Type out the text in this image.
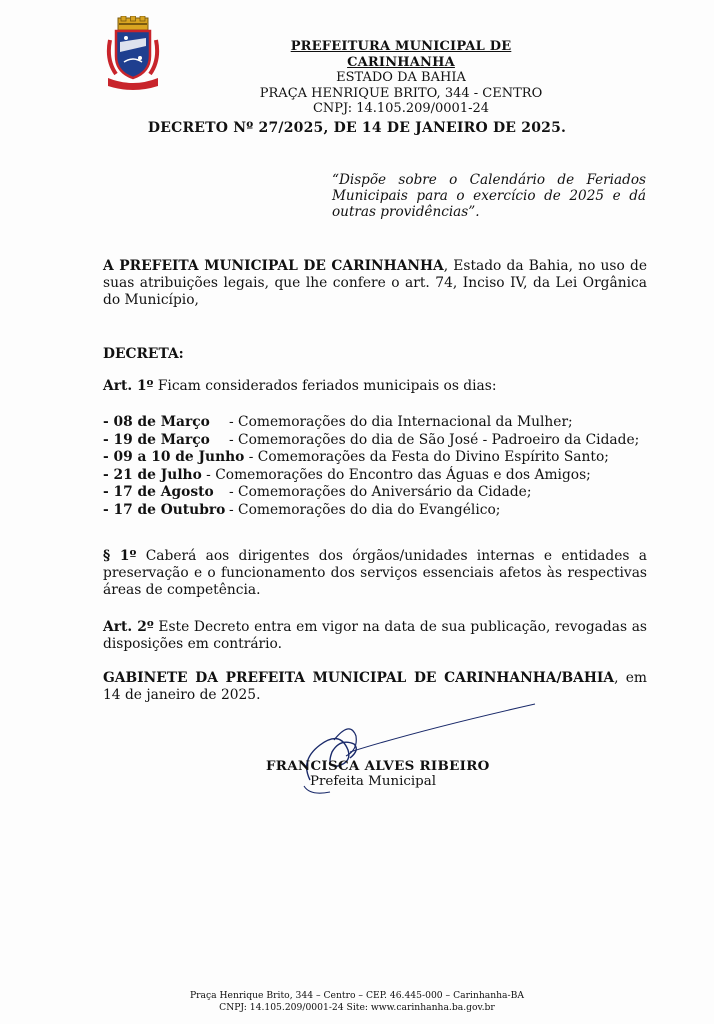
PREFEITURA MUNICIPAL DE CARINHANHA
ESTADO DA BAHIA
PRAÇA HENRIQUE BRITO, 344 - CENTRO
CNPJ: 14.105.209/0001-24
DECRETO Nº 27/2025, DE 14 DE JANEIRO DE 2025.
“Dispõe sobre o Calendário de Feriados Municipais para o exercício de 2025 e dá outras providências”.
A PREFEITA MUNICIPAL DE CARINHANHA, Estado da Bahia, no uso de suas atribuições legais, que lhe confere o art. 74, Inciso IV, da Lei Orgânica do Município,
DECRETA:
Art. 1º Ficam considerados feriados municipais os dias:
- 08 de Março - Comemorações do dia Internacional da Mulher;
- 19 de Março - Comemorações do dia de São José - Padroeiro da Cidade;
- 09 a 10 de Junho - Comemorações da Festa do Divino Espírito Santo;
- 21 de Julho - Comemorações do Encontro das Águas e dos Amigos;
- 17 de Agosto - Comemorações do Aniversário da Cidade;
- 17 de Outubro - Comemorações do dia do Evangélico;
§ 1º Caberá aos dirigentes dos órgãos/unidades internas e entidades a preservação e o funcionamento dos serviços essenciais afetos às respectivas áreas de competência.
Art. 2º Este Decreto entra em vigor na data de sua publicação, revogadas as disposições em contrário.
GABINETE DA PREFEITA MUNICIPAL DE CARINHANHA/BAHIA, em 14 de janeiro de 2025.
FRANCISCA ALVES RIBEIRO
Prefeita Municipal
Praça Henrique Brito, 344 – Centro – CEP. 46.445-000 – Carinhanha-BA
CNPJ: 14.105.209/0001-24 Site: www.carinhanha.ba.gov.br
